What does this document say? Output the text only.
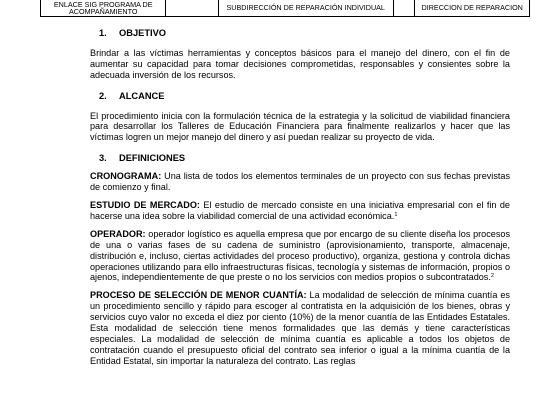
ENLACE SIG PROGRAMA DE ACOMPAÑAMIENTO	SUBDIRECCIÓN DE REPARACIÓN INDIVIDUAL	DIRECCION DE REPARACION
1. OBJETIVO

Brindar a las víctimas herramientas y conceptos básicos para el manejo del dinero, con el fin de aumentar su capacidad para tomar decisiones comprometidas, responsables y consientes sobre la adecuada inversión de los recursos.

2. ALCANCE

El procedimiento inicia con la formulación técnica de la estrategia y la solicitud de viabilidad financiera para desarrollar los Talleres de Educación Financiera para finalmente realizarlos y hacer que las víctimas logren un mejor manejo del dinero y así puedan realizar su proyecto de vida.

3. DEFINICIONES

CRONOGRAMA: Una lista de todos los elementos terminales de un proyecto con sus fechas previstas de comienzo y final.

ESTUDIO DE MERCADO: El estudio de mercado consiste en una iniciativa empresarial con el fin de hacerse una idea sobre la viabilidad comercial de una actividad económica.$^1$

OPERADOR: operador logístico es aquella empresa que por encargo de su cliente diseña los procesos de una o varias fases de su cadena de suministro (aprovisionamiento, transporte, almacenaje, distribución e, incluso, ciertas actividades del proceso productivo), organiza, gestiona y controla dichas operaciones utilizando para ello infraestructuras físicas, tecnología y sistemas de información, propios o ajenos, independientemente de que preste o no los servicios con medios propios o subcontratados.$^2$

PROCESO DE SELECCIÓN DE MENOR CUANTÍA: La modalidad de selección de mínima cuantía es un procedimiento sencillo y rápido para escoger al contratista en la adquisición de los bienes, obras y servicios cuyo valor no exceda el diez por ciento (10%) de la menor cuantía de las Entidades Estatales. Esta modalidad de selección tiene menos formalidades que las demás y tiene características especiales. La modalidad de selección de mínima cuantía es aplicable a todos los objetos de contratación cuando el presupuesto oficial del contrato sea inferior o igual a la mínima cuantía de la Entidad Estatal, sin importar la naturaleza del contrato. Las reglas
